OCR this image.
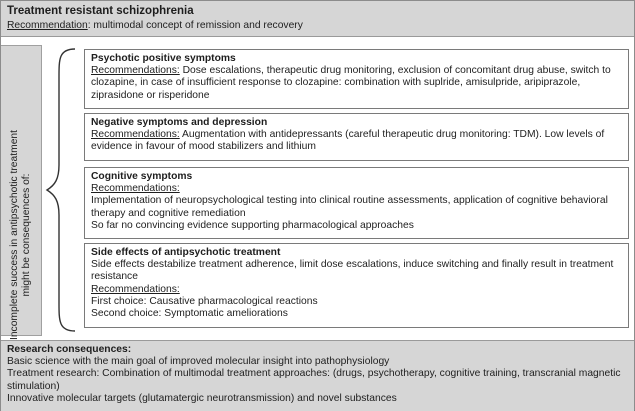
Treatment resistant schizophrenia
Recommendation: multimodal concept of remission and recovery
Incomplete success in antipsychotic treatment might be consequences of:

Psychotic positive symptoms

Recommendations: Dose escalations, therapeutic drug monitoring, exclusion of concomitant drug abuse, switch to clozapine, in case of insufficient response to clozapine: combination with suplride, amisulpride, aripiprazole, ziprasidone or risperidone

Negative symptoms and depression

Recommendations: Augmentation with antidepressants (careful therapeutic drug monitoring: TDM). Low levels of evidence in favour of mood stabilizers and lithium

Cognitive symptoms

Recommendations:

Implementation of neuropsychological testing into clinical routine assessments, application of cognitive behavioral therapy and cognitive remediation

So far no convincing evidence supporting pharmacological approaches

Side effects of antipsychotic treatment

Side effects destabilize treatment adherence, limit dose escalations, induce switching and finally result in treatment resistance

Recommendations:

First choice: Causative pharmacological reactions

Second choice: Symptomatic ameliorations

Research consequences:

Basic science with the main goal of improved molecular insight into pathophysiology

Treatment research: Combination of multimodal treatment approaches: (drugs, psychotherapy, cognitive training, transcranial magnetic stimulation)

Innovative molecular targets (glutamatergic neurotransmission) and novel substances
